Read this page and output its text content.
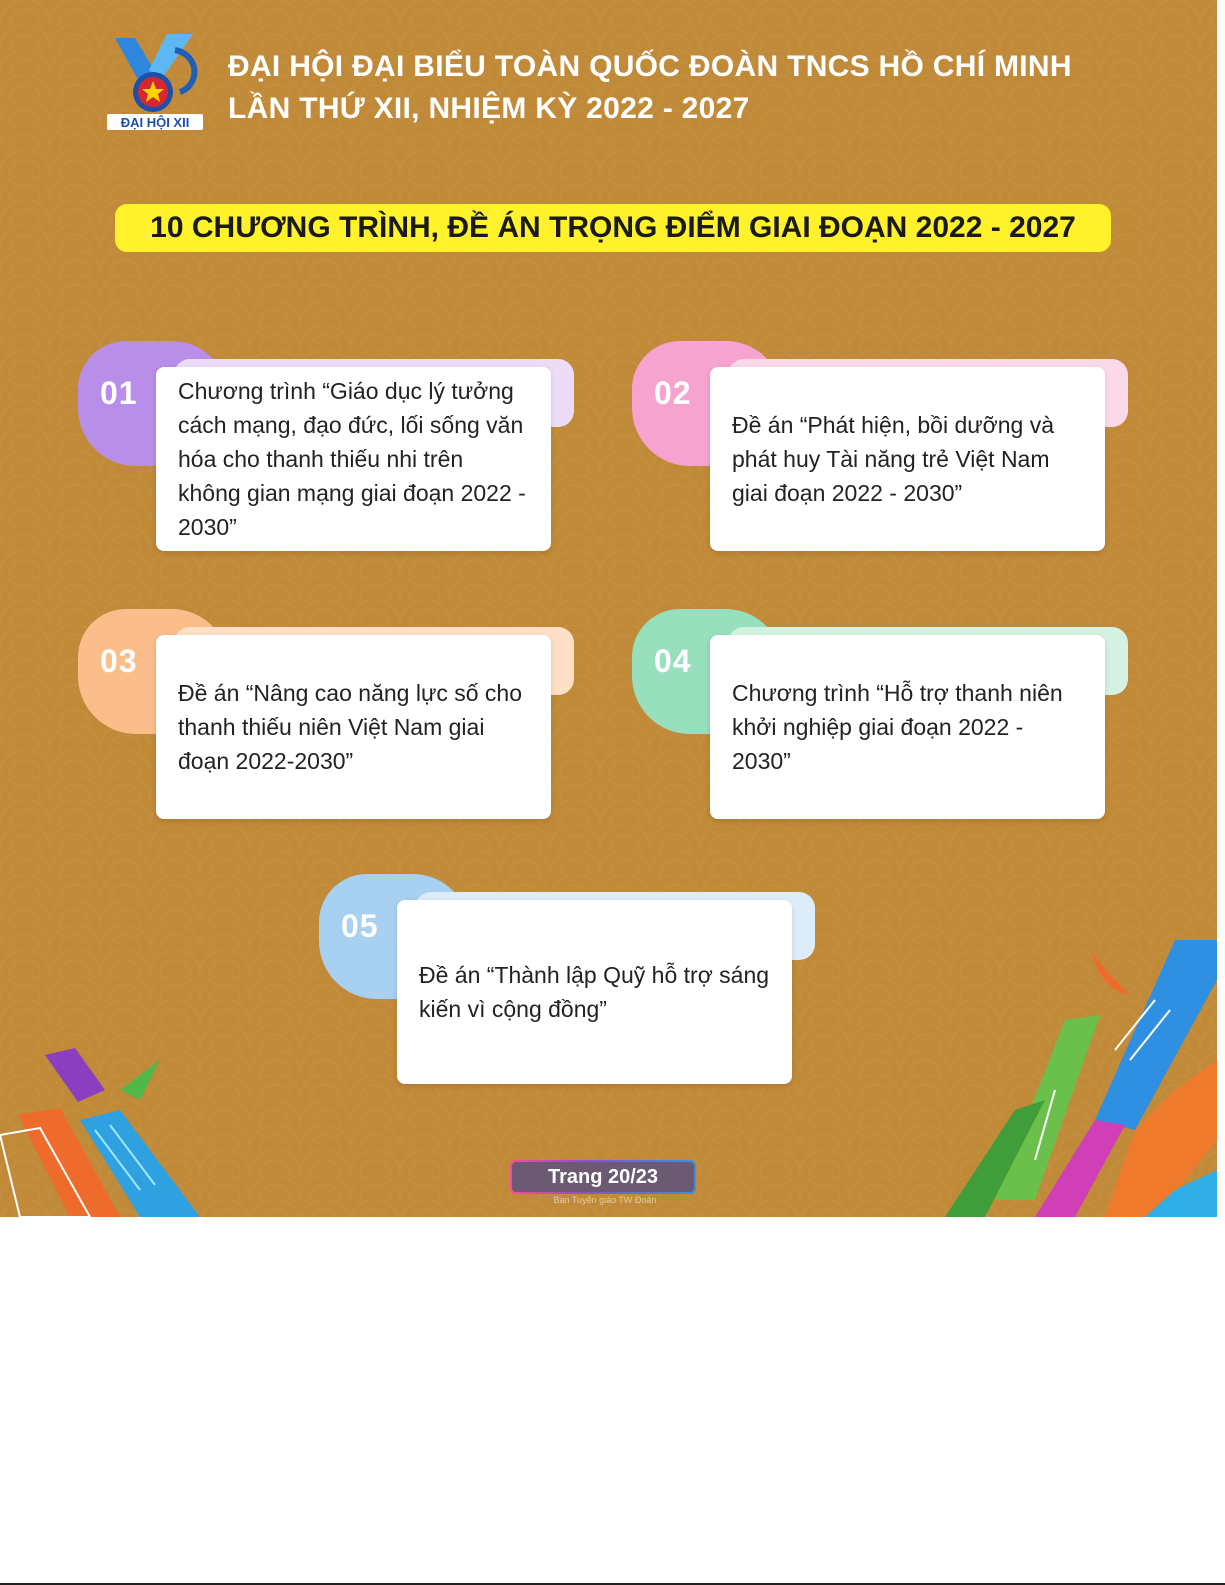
ĐẠI HỘI XII
ĐẠI HỘI ĐẠI BIỂU TOÀN QUỐC ĐOÀN TNCS HỒ CHÍ MINH
LẦN THỨ XII, NHIỆM KỲ 2022 - 2027
10 CHƯƠNG TRÌNH, ĐỀ ÁN TRỌNG ĐIỂM GIAI ĐOẠN 2022 - 2027
01	Chương trình “Giáo dục lý tưởng cách mạng, đạo đức, lối sống văn hóa cho thanh thiếu nhi trên không gian mạng giai đoạn 2022 - 2030”
02
Đề án “Phát hiện, bồi dưỡng và phát huy Tài năng trẻ Việt Nam giai đoạn 2022 - 2030”
03
Đề án “Nâng cao năng lực số cho thanh thiếu niên Việt Nam giai đoạn 2022-2030”
04
Chương trình “Hỗ trợ thanh niên khởi nghiệp giai đoạn 2022 - 2030”
05
Đề án “Thành lập Quỹ hỗ trợ sáng kiến vì cộng đồng”
Trang 20/23
Ban Tuyên giáo TW Đoàn
